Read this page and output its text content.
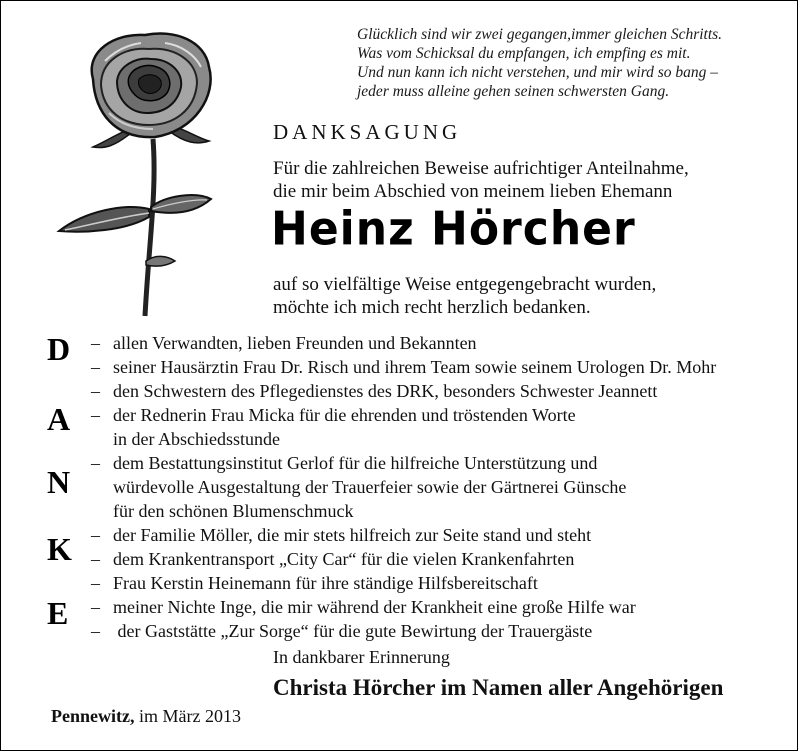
Glücklich sind wir zwei gegangen,immer gleichen Schritts.
Was vom Schicksal du empfangen, ich empfing es mit.
Und nun kann ich nicht verstehen, und mir wird so bang –
jeder muss alleine gehen seinen schwersten Gang.
DANKSAGUNG
Für die zahlreichen Beweise aufrichtiger Anteilnahme,
die mir beim Abschied von meinem lieben Ehemann
Heinz Hörcher
auf so vielfältige Weise entgegengebracht wurden,
möchte ich mich recht herzlich bedanken.
D
A
N
K
E
– allen Verwandten, lieben Freunden und Bekannten
– seiner Hausärztin Frau Dr. Risch und ihrem Team sowie seinem Urologen Dr. Mohr
– den Schwestern des Pflegedienstes des DRK, besonders Schwester Jeannett
– der Rednerin Frau Micka für die ehrenden und tröstenden Worte
in der Abschiedsstunde
– dem Bestattungsinstitut Gerlof für die hilfreiche Unterstützung und
würdevolle Ausgestaltung der Trauerfeier sowie der Gärtnerei Günsche
für den schönen Blumenschmuck
– der Familie Möller, die mir stets hilfreich zur Seite stand und steht
– dem Krankentransport „City Car“ für die vielen Krankenfahrten
– Frau Kerstin Heinemann für ihre ständige Hilfsbereitschaft
– meiner Nichte Inge, die mir während der Krankheit eine große Hilfe war
– der Gaststätte „Zur Sorge“ für die gute Bewirtung der Trauergäste
In dankbarer Erinnerung
Christa Hörcher im Namen aller Angehörigen
Pennewitz, im März 2013
